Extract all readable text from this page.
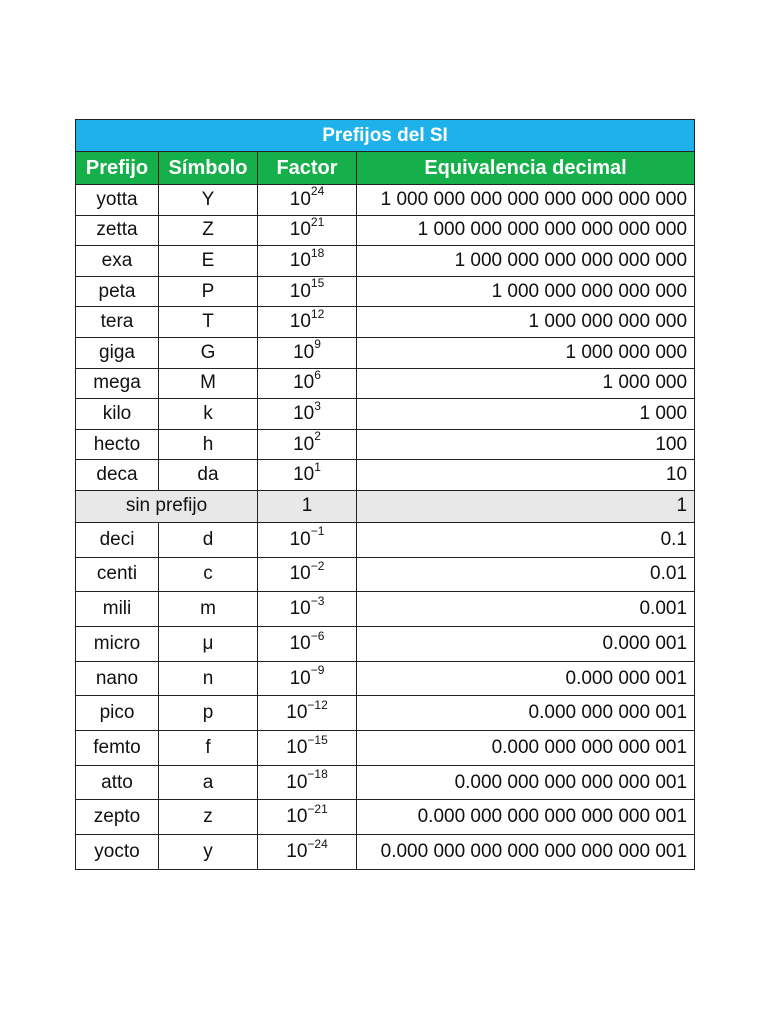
Prefijos del SI			
Prefijo	Símbolo	Factor	Equivalencia decimal
yotta	Y	$10^{24}$	1 000 000 000 000 000 000 000 000
zetta	Z	$10^{21}$	1 000 000 000 000 000 000 000
exa	E	$10^{18}$	1 000 000 000 000 000 000
peta	P	$10^{15}$	1 000 000 000 000 000
tera	T	$10^{12}$	1 000 000 000 000
giga	G	$10^9$	1 000 000 000
mega	M	$10^6$	1 000 000
kilo	k	$10^3$	1 000
hecto	h	$10^2$	100
deca	da	$10^1$	10
sin prefijo		1	1
deci	d	$10^{-1}$	0.1
centi	c	$10^{-2}$	0.01
mili	m	$10^{-3}$	0.001
micro	μ	$10^{-6}$	0.000 001
nano	n	$10^{-9}$	0.000 000 001
pico	p	$10^{-12}$	0.000 000 000 001
femto	f	$10^{-15}$	0.000 000 000 000 001
atto	a	$10^{-18}$	0.000 000 000 000 000 001
zepto	z	$10^{-21}$	0.000 000 000 000 000 000 001
yocto	y	$10^{-24}$	0.000 000 000 000 000 000 000 001
